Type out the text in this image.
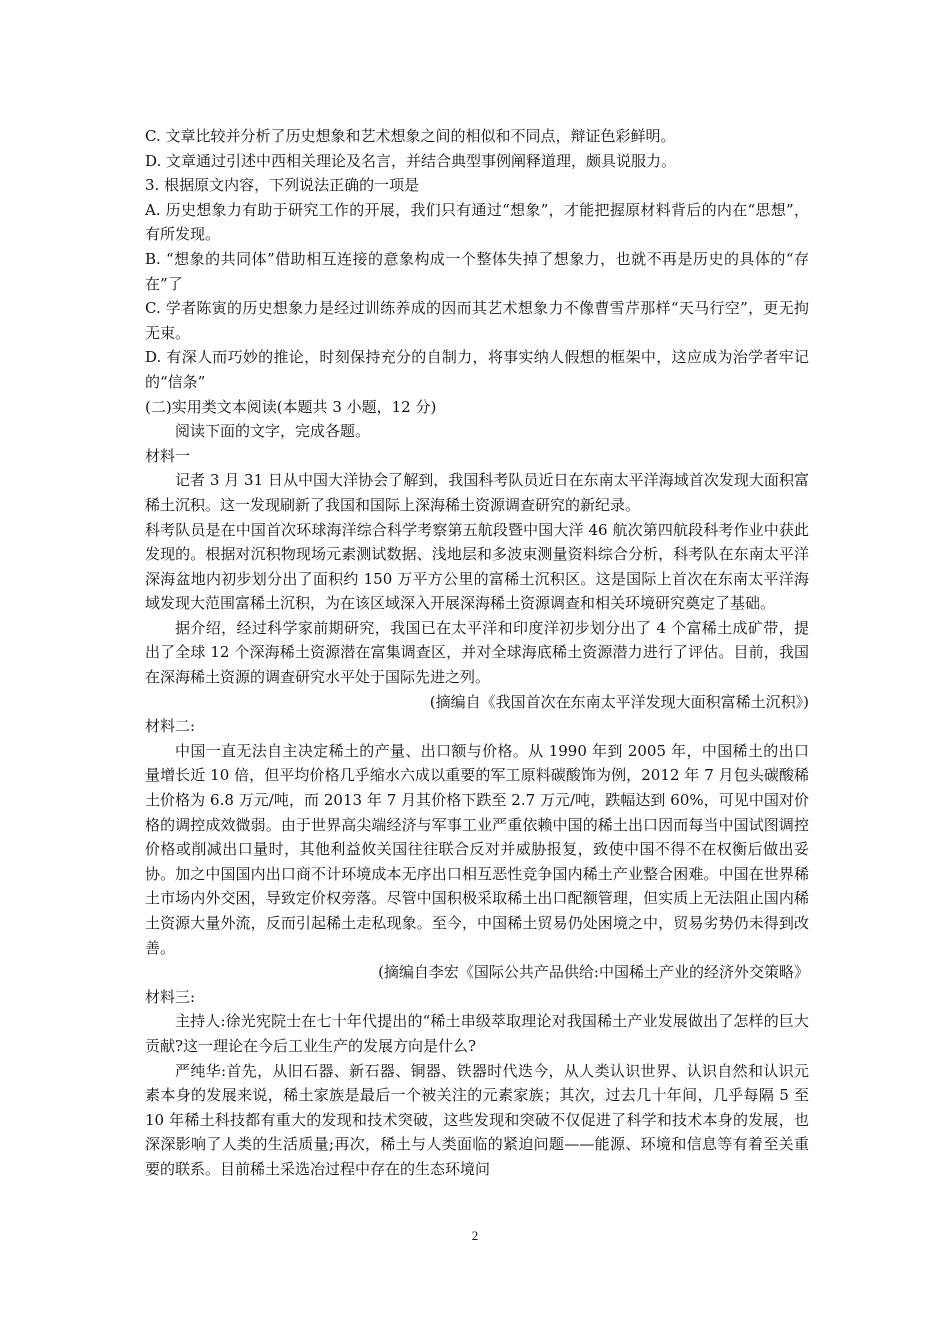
C. 文章比较并分析了历史想象和艺术想象之间的相似和不同点，辩证色彩鲜明。

D. 文章通过引述中西相关理论及名言，并结合典型事例阐释道理，颇具说服力。

3. 根据原文内容，下列说法正确的一项是

A. 历史想象力有助于研究工作的开展，我们只有通过“想象”，才能把握原材料背后的内在“思想”，有所发现。

B. “想象的共同体”借助相互连接的意象构成一个整体失掉了想象力，也就不再是历史的具体的“存在”了

C. 学者陈寅的历史想象力是经过训练养成的因而其艺术想象力不像曹雪芹那样“天马行空”，更无拘无束。

D. 有深人而巧妙的推论，时刻保持充分的自制力，将事实纳人假想的框架中，这应成为治学者牢记的“信条”

(二)实用类文本阅读(本题共 3 小题，12 分)

阅读下面的文字，完成各题。

材料一

记者 3 月 31 日从中国大洋协会了解到，我国科考队员近日在东南太平洋海域首次发现大面积富稀土沉积。这一发现刷新了我国和国际上深海稀土资源调查研究的新纪录。

科考队员是在中国首次环球海洋综合科学考察第五航段暨中国大洋 46 航次第四航段科考作业中获此发现的。根据对沉积物现场元素测试数据、浅地层和多波束测量资料综合分析，科考队在东南太平洋深海盆地内初步划分出了面积约 150 万平方公里的富稀土沉积区。这是国际上首次在东南太平洋海域发现大范围富稀土沉积，为在该区域深入开展深海稀土资源调查和相关环境研究奠定了基础。

据介绍，经过科学家前期研究，我国已在太平洋和印度洋初步划分出了 4 个富稀土成矿带，提出了全球 12 个深海稀土资源潜在富集调查区，并对全球海底稀土资源潜力进行了评估。目前，我国在深海稀土资源的调查研究水平处于国际先进之列。

(摘编自《我国首次在东南太平洋发现大面积富稀土沉积》)

材料二:

中国一直无法自主决定稀土的产量、出口额与价格。从 1990 年到 2005 年，中国稀土的出口量增长近 10 倍，但平均价格几乎缩水六成以重要的军工原料碳酸饰为例，2012 年 7 月包头碳酸稀土价格为 6.8 万元/吨，而 2013 年 7 月其价格下跌至 2.7 万元/吨，跌幅达到 60%，可见中国对价格的调控成效微弱。由于世界高尖端经济与军事工业严重依赖中国的稀土出口因而每当中国试图调控价格或削减出口量时，其他利益攸关国往往联合反对并威胁报复，致使中国不得不在权衡后做出妥协。加之中国国内出口商不计环境成本无序出口相互恶性竞争国内稀土产业整合困难。中国在世界稀土市场内外交困，导致定价权旁落。尽管中国积极采取稀土出口配额管理，但实质上无法阻止国内稀土资源大量外流，反而引起稀土走私现象。至今，中国稀土贸易仍处困境之中，贸易劣势仍未得到改善。

(摘编自李宏《国际公共产品供给:中国稀土产业的经济外交策略》

材料三:

主持人:徐光宪院士在七十年代提出的“稀土串级萃取理论对我国稀土产业发展做出了怎样的巨大贡献?这一理论在今后工业生产的发展方向是什么?

严纯华:首先，从旧石器、新石器、铜器、铁器时代迭今，从人类认识世界、认识自然和认识元素本身的发展来说，稀土家族是最后一个被关注的元素家族；其次，过去几十年间，几乎每隔 5 至 10 年稀土科技都有重大的发现和技术突破，这些发现和突破不仅促进了科学和技术本身的发展，也深深影响了人类的生活质量;再次，稀土与人类面临的紧迫问题——能源、环境和信息等有着至关重要的联系。目前稀土采选冶过程中存在的生态环境问

2
